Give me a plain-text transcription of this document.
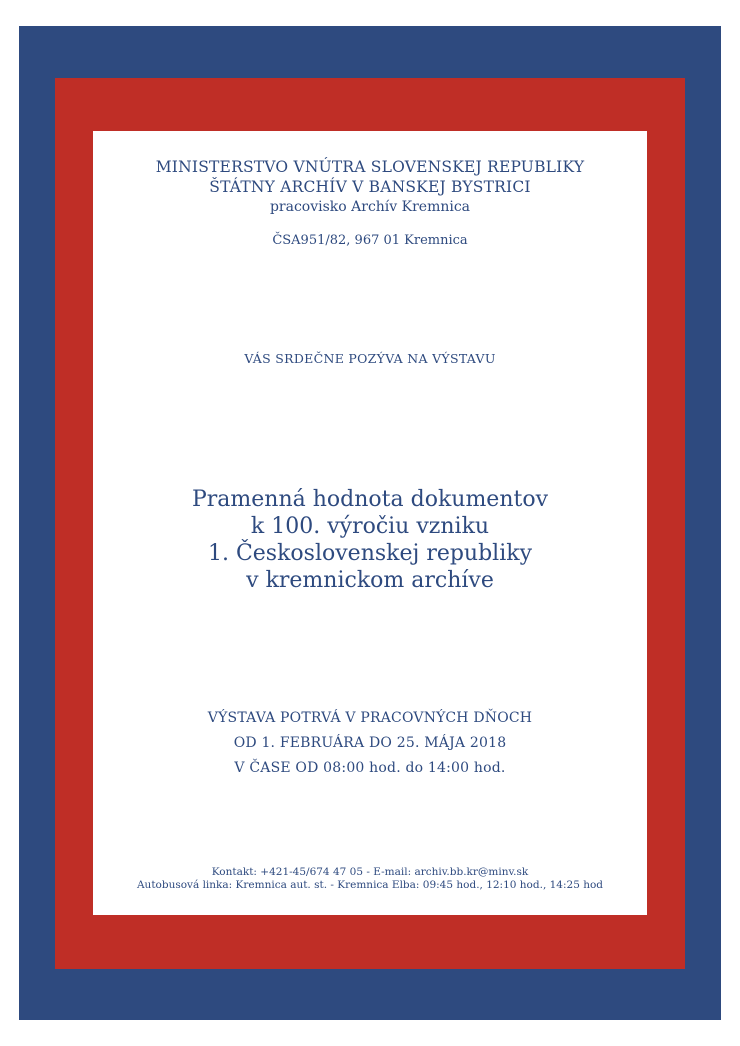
MINISTERSTVO VNÚTRA SLOVENSKEJ REPUBLIKY

ŠTÁTNY ARCHÍV V BANSKEJ BYSTRICI

pracovisko Archív Kremnica

ČSA951/82, 967 01 Kremnica

VÁS SRDEČNE POZÝVA NA VÝSTAVU

Pramenná hodnota dokumentov

k 100. výročiu vzniku

1. Československej republiky

v kremnickom archíve

VÝSTAVA POTRVÁ V PRACOVNÝCH DŇOCH

OD 1. FEBRUÁRA DO 25. MÁJA 2018

V ČASE OD 08:00 hod. do 14:00 hod.

Kontakt: +421-45/674 47 05 - E-mail: archiv.bb.kr@minv.sk

Autobusová linka: Kremnica aut. st. - Kremnica Elba: 09:45 hod., 12:10 hod., 14:25 hod
